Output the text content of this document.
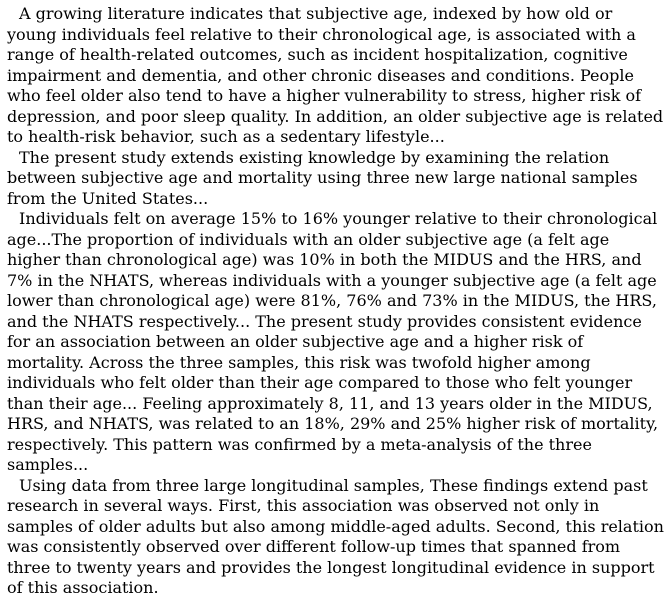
A growing literature indicates that subjective age, indexed by how old or young individuals feel relative to their chronological age, is associated with a range of health-related outcomes, such as incident hospitalization, cognitive impairment and dementia, and other chronic diseases and conditions. People who feel older also tend to have a higher vulnerability to stress, higher risk of depression, and poor sleep quality. In addition, an older subjective age is related to health-risk behavior, such as a sedentary lifestyle...

The present study extends existing knowledge by examining the relation between subjective age and mortality using three new large national samples from the United States...

Individuals felt on average 15% to 16% younger relative to their chronological age...The proportion of individuals with an older subjective age (a felt age higher than chronological age) was 10% in both the MIDUS and the HRS, and 7% in the NHATS, whereas individuals with a younger subjective age (a felt age lower than chronological age) were 81%, 76% and 73% in the MIDUS, the HRS, and the NHATS respectively... The present study provides consistent evidence for an association between an older subjective age and a higher risk of mortality. Across the three samples, this risk was twofold higher among individuals who felt older than their age compared to those who felt younger than their age... Feeling approximately 8, 11, and 13 years older in the MIDUS, HRS, and NHATS, was related to an 18%, 29% and 25% higher risk of mortality, respectively. This pattern was confirmed by a meta-analysis of the three samples...

Using data from three large longitudinal samples, These findings extend past research in several ways. First, this association was observed not only in samples of older adults but also among middle-aged adults. Second, this relation was consistently observed over different follow-up times that spanned from three to twenty years and provides the longest longitudinal evidence in support of this association.
